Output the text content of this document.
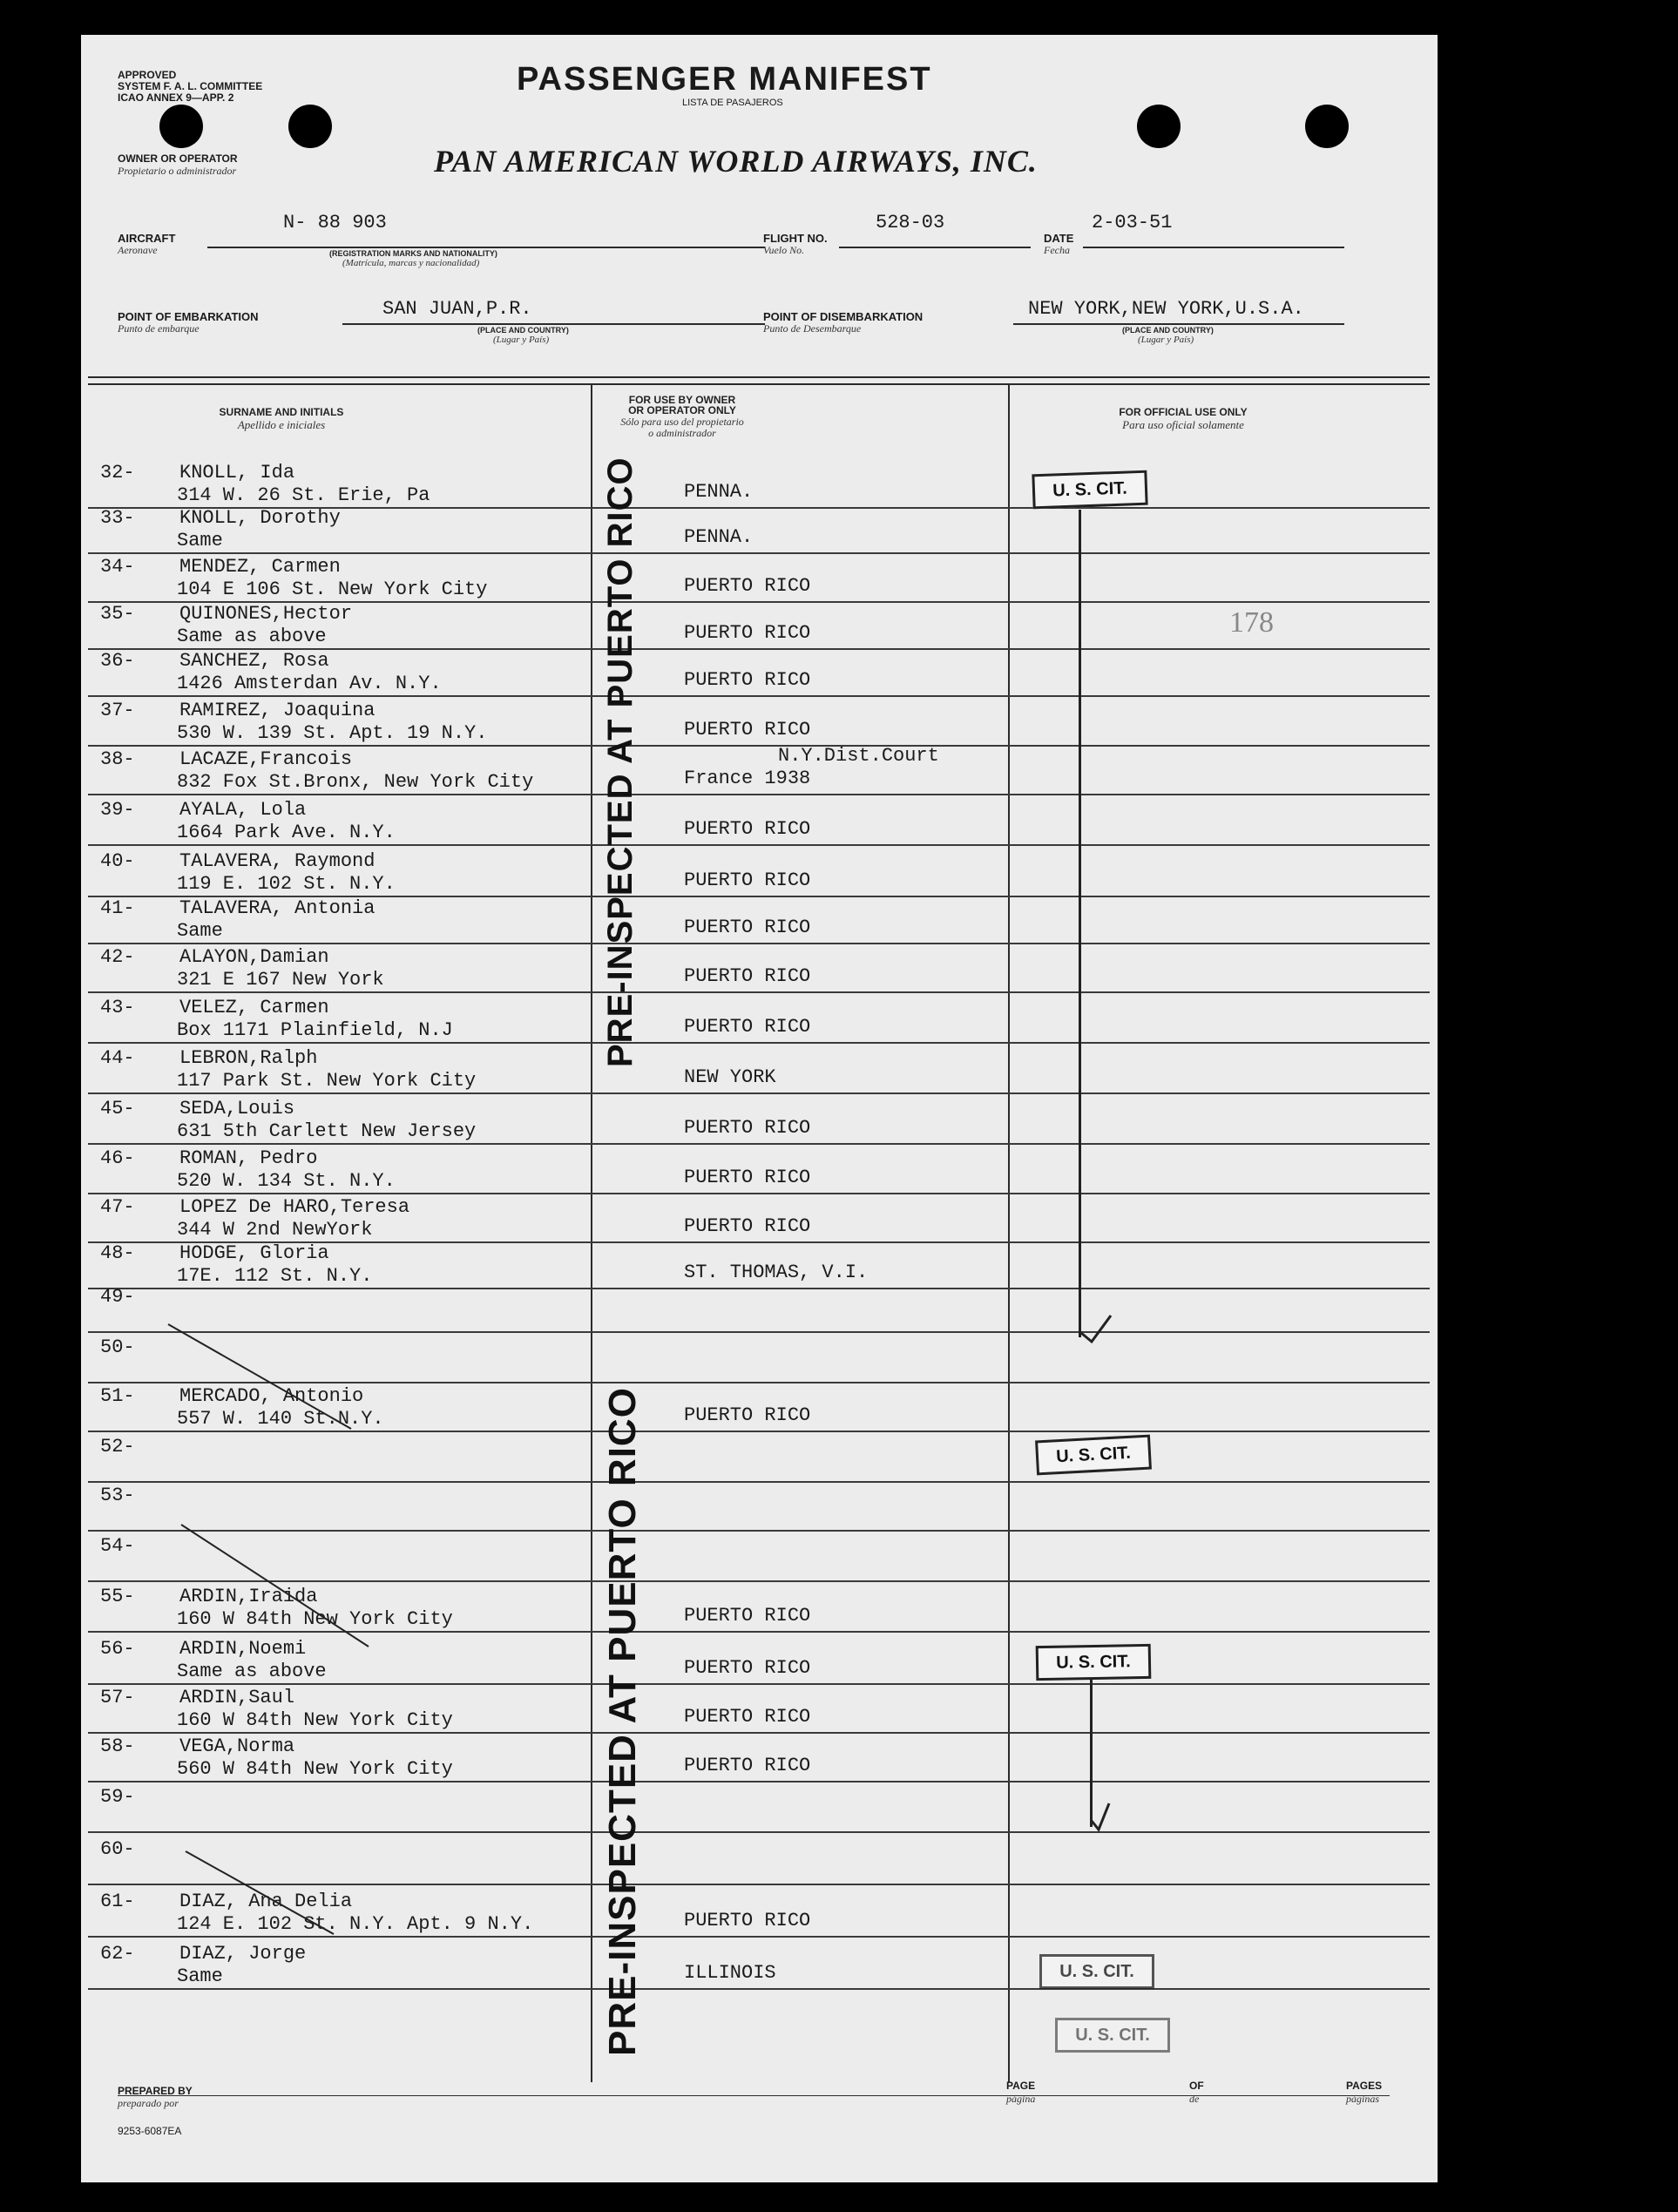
APPROVED
SYSTEM F. A. L. COMMITTEE
ICAO ANNEX 9—APP. 2	PASSENGER MANIFEST
LISTA DE PASAJEROS
OWNER OR OPERATOR
Propietario o administrador	PAN AMERICAN WORLD AIRWAYS, INC.
AIRCRAFT
Aeronave
N- 88 903
(REGISTRATION MARKS AND NATIONALITY)
(Matrícula, marcas y nacionalidad)
FLIGHT NO.
Vuelo No.
528-03
DATE
Fecha
2-03-51
POINT OF EMBARKATION
Punto de embarque
SAN JUAN,P.R.
(PLACE AND COUNTRY)
(Lugar y País)
POINT OF DISEMBARKATION
Punto de Desembarque
NEW YORK,NEW YORK,U.S.A.
(PLACE AND COUNTRY)
(Lugar y País)
SURNAME AND INITIALS
Apellido e iniciales
FOR USE BY OWNER
OR OPERATOR ONLY
Sólo para uso del propietario
o administrador
FOR OFFICIAL USE ONLY
Para uso oficial solamente
32- KNOLL, Ida
314 W. 26 St. Erie, Pa	PENNA.
33- KNOLL, Dorothy
Same	PENNA.
34- MENDEZ, Carmen
104 E 106 St. New York City	PUERTO RICO
35- QUINONES,Hector
Same as above	PUERTO RICO
36- SANCHEZ, Rosa
1426 Amsterdan Av. N.Y.	PUERTO RICO
37- RAMIREZ, Joaquina
530 W. 139 St. Apt. 19 N.Y.	PUERTO RICO
38- LACAZE,Francois
832 Fox St.Bronx, New York City	France 1938
N.Y.Dist.Court
39- AYALA, Lola
1664 Park Ave. N.Y.	PUERTO RICO
40- TALAVERA, Raymond
119 E. 102 St. N.Y.	PUERTO RICO
41- TALAVERA, Antonia
Same	PUERTO RICO
42- ALAYON,Damian
321 E 167 New York	PUERTO RICO
43- VELEZ, Carmen
Box 1171 Plainfield, N.J	PUERTO RICO
44- LEBRON,Ralph
117 Park St. New York City	NEW YORK
45- SEDA,Louis
631 5th Carlett New Jersey	PUERTO RICO
46- ROMAN, Pedro
520 W. 134 St. N.Y.	PUERTO RICO
47- LOPEZ De HARO,Teresa
344 W 2nd NewYork	PUERTO RICO
48- HODGE, Gloria
17E. 112 St. N.Y.	ST. THOMAS, V.I.
49-
50-
51- MERCADO, Antonio
557 W. 140 St.N.Y.	PUERTO RICO
52-
53-
54-
55- ARDIN,Iraida
160 W 84th New York City	PUERTO RICO
56- ARDIN,Noemi
Same as above	PUERTO RICO
57- ARDIN,Saul
160 W 84th New York City	PUERTO RICO
58- VEGA,Norma
560 W 84th New York City	PUERTO RICO
59-
60-
61- DIAZ, Ana Delia
124 E. 102 St. N.Y. Apt. 9 N.Y.	PUERTO RICO
62- DIAZ, Jorge
Same	ILLINOIS
PRE-INSPECTED AT PUERTO RICO
PRE-INSPECTED AT PUERTO RICO
U. S. CIT.
U. S. CIT.
U. S. CIT.
U. S. CIT.
U. S. CIT.
178
PREPARED BY
preparado por
PAGE
página
OF
de
PAGES
páginas
9253-6087EA
